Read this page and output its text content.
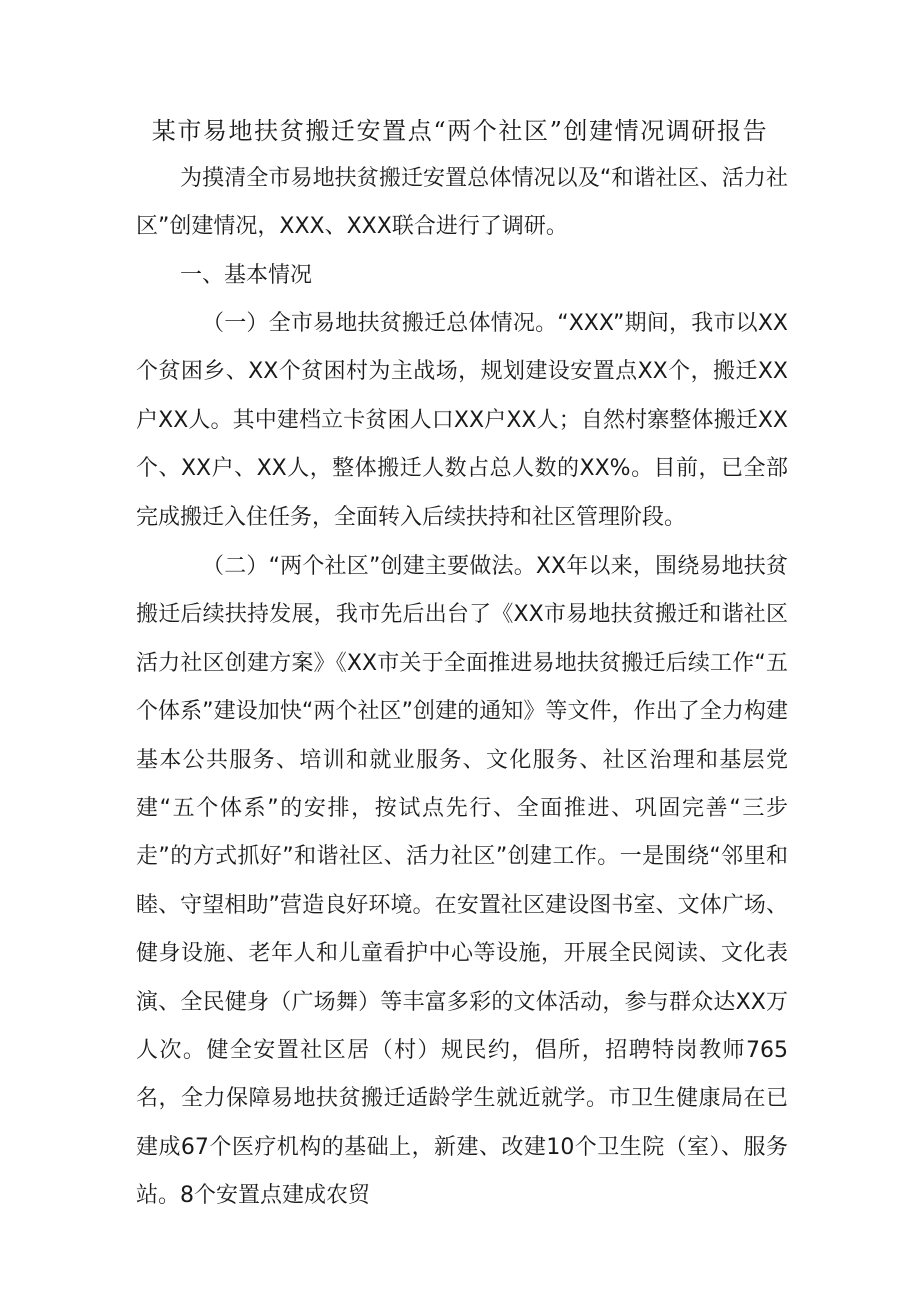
某市易地扶贫搬迁安置点“两个社区”创建情况调研报告

为摸清全市易地扶贫搬迁安置总体情况以及“和谐社区、活力社区”创建情况，XXX、XXX联合进行了调研。

一、基本情况

（一）全市易地扶贫搬迁总体情况。“XXX”期间，我市以XX个贫困乡、XX个贫困村为主战场，规划建设安置点XX个，搬迁XX户XX人。其中建档立卡贫困人口XX户XX人；自然村寨整体搬迁XX个、XX户、XX人，整体搬迁人数占总人数的XX%。目前，已全部完成搬迁入住任务，全面转入后续扶持和社区管理阶段。

（二）“两个社区”创建主要做法。XX年以来，围绕易地扶贫搬迁后续扶持发展，我市先后出台了《XX市易地扶贫搬迁和谐社区活力社区创建方案》《XX市关于全面推进易地扶贫搬迁后续工作“五个体系”建设加快“两个社区”创建的通知》等文件，作出了全力构建基本公共服务、培训和就业服务、文化服务、社区治理和基层党建“五个体系”的安排，按试点先行、全面推进、巩固完善“三步走”的方式抓好”和谐社区、活力社区”创建工作。一是围绕“邻里和睦、守望相助”营造良好环境。在安置社区建设图书室、文体广场、健身设施、老年人和儿童看护中心等设施，开展全民阅读、文化表演、全民健身（广场舞）等丰富多彩的文体活动，参与群众达XX万人次。健全安置社区居（村）规民约，倡所，招聘特岗教师765名，全力保障易地扶贫搬迁适龄学生就近就学。市卫生健康局在已建成67个医疗机构的基础上，新建、改建10个卫生院（室）、服务站。8个安置点建成农贸
